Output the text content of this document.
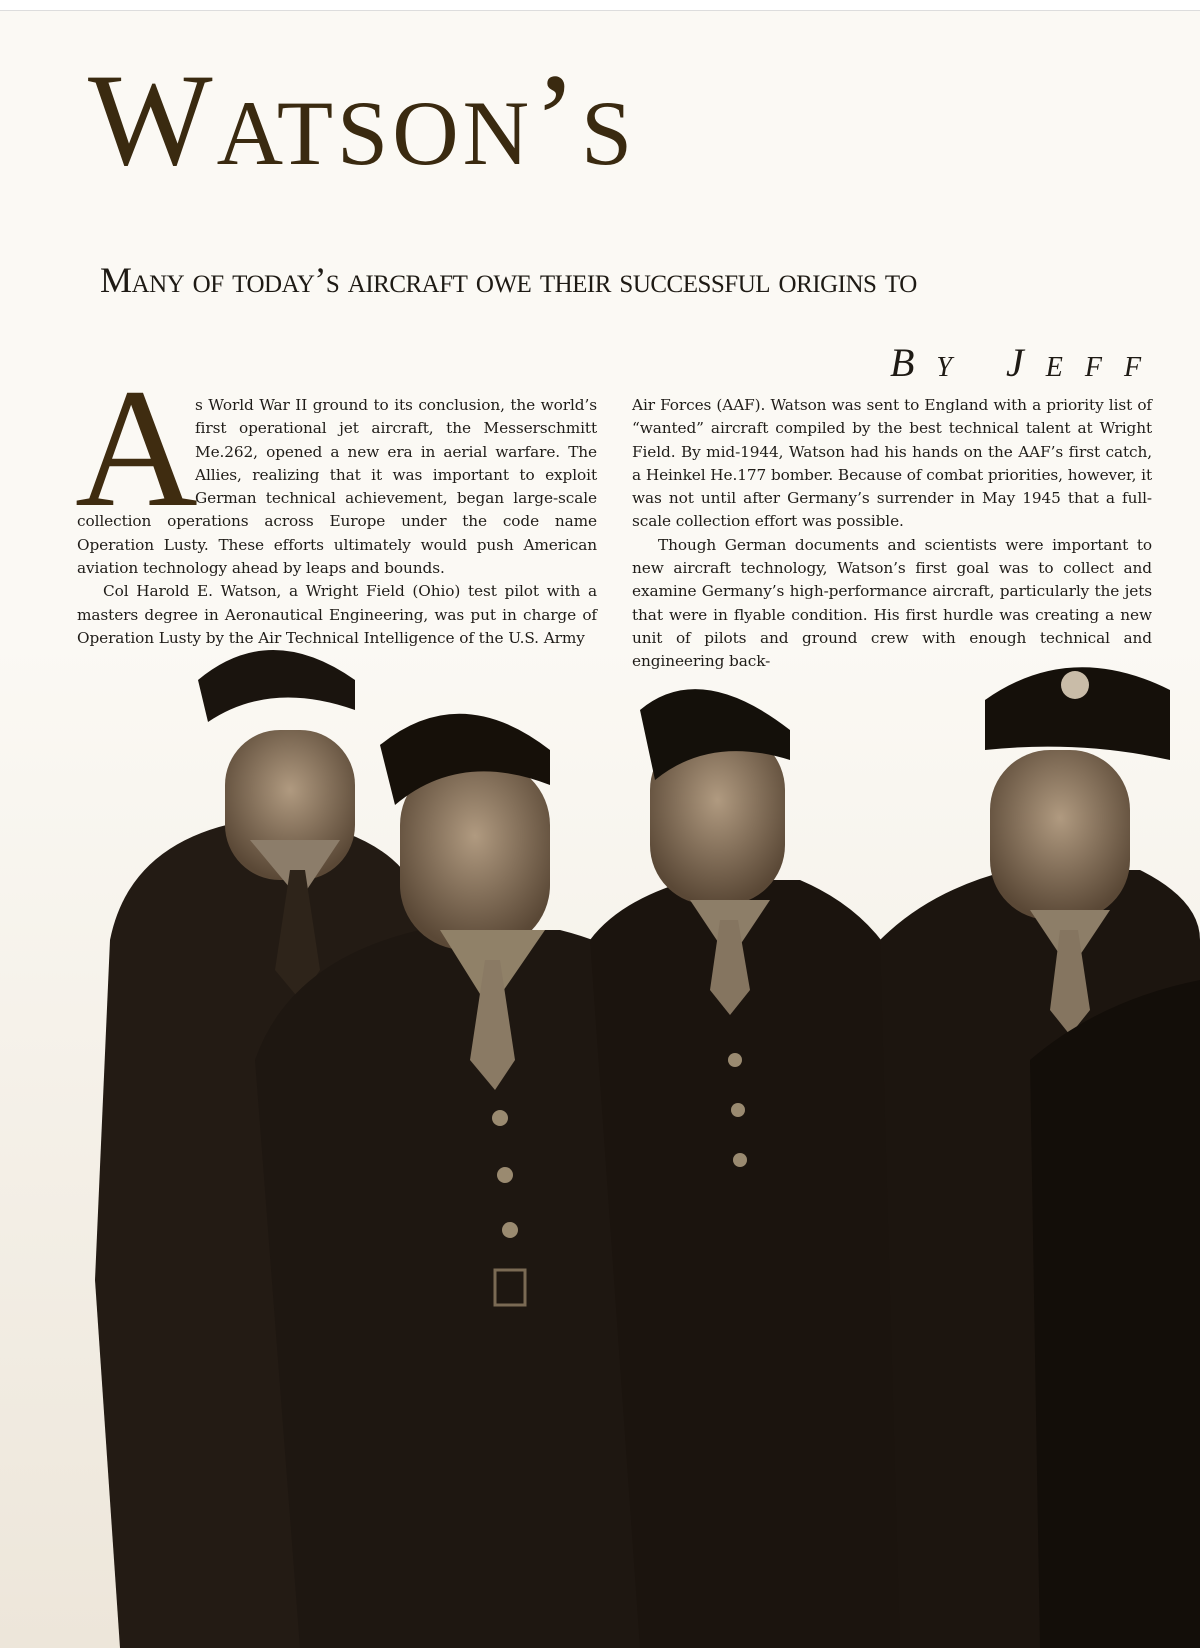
Watson’s
Many of today’s aircraft owe their successful origins to
By Jeff

A
s World War II ground to its conclusion, the world’s first operational jet aircraft, the Messerschmitt Me.262, opened a new era in aerial warfare. The Allies, realizing that it was important to exploit German technical achievement, began large-scale collection operations across Europe under the code name Operation Lusty. These efforts ultimately would push American aviation technology ahead by leaps and bounds.

Col Harold E. Watson, a Wright Field (Ohio) test pilot with a masters degree in Aeronautical Engineering, was put in charge of Operation Lusty by the Air Technical Intelligence of the U.S. Army

Air Forces (AAF). Watson was sent to England with a priority list of “wanted” aircraft compiled by the best technical talent at Wright Field. By mid-1944, Watson had his hands on the AAF’s first catch, a Heinkel He.177 bomber. Because of combat priorities, however, it was not until after Germany’s surrender in May 1945 that a full-scale collection effort was possible.

Though German documents and scientists were important to new aircraft technology, Watson’s first goal was to collect and examine Germany’s high-performance aircraft, particularly the jets that were in flyable condition. His first hurdle was creating a new unit of pilots and ground crew with enough technical and engineering back-
